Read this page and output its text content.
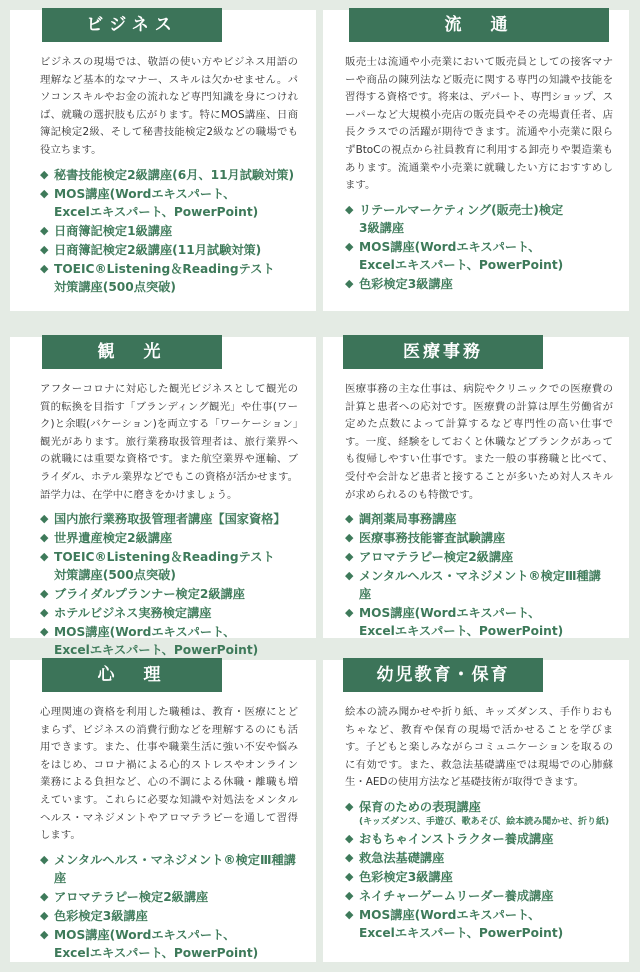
ビジネス

ビジネスの現場では、敬語の使い方やビジネス用語の理解など基本的なマナー、スキルは欠かせません。パソコンスキルやお金の流れなど専門知識を身につければ、就職の選択肢も広がります。特にMOS講座、日商簿記検定2級、そして秘書技能検定2級などの職場でも役立ちます。

◆ 秘書技能検定2級講座(6月、11月試験対策)
◆ MOS講座(Wordエキスパート、
Excelエキスパート、PowerPoint)
◆ 日商簿記検定1級講座
◆ 日商簿記検定2級講座(11月試験対策)
◆ TOEIC®Listening＆Readingテスト
対策講座(500点突破)
流　通

販売士は流通や小売業において販売員としての接客マナーや商品の陳列法など販売に関する専門の知識や技能を習得する資格です。将来は、デパート、専門ショップ、スーパーなど大規模小売店の販売員やその売場責任者、店長クラスでの活躍が期待できます。流通や小売業に限らずBtoCの視点から社員教育に利用する卸売りや製造業もあります。流通業や小売業に就職したい方におすすめします。

◆ リテールマーケティング(販売士)検定
3級講座
◆ MOS講座(Wordエキスパート、
Excelエキスパート、PowerPoint)
◆ 色彩検定3級講座
観　光

アフターコロナに対応した観光ビジネスとして観光の質的転換を目指す「ブランディング観光」や仕事(ワーク)と余暇(バケーション)を両立する「ワーケーション」観光があります。旅行業務取扱管理者は、旅行業界への就職には重要な資格です。また航空業界や運輸、ブライダル、ホテル業界などでもこの資格が活かせます。語学力は、在学中に磨きをかけましょう。

◆ 国内旅行業務取扱管理者講座【国家資格】
◆ 世界遺産検定2級講座
◆ TOEIC®Listening＆Readingテスト
対策講座(500点突破)
◆ ブライダルプランナー検定2級講座
◆ ホテルビジネス実務検定講座
◆ MOS講座(Wordエキスパート、
Excelエキスパート、PowerPoint)
医療事務

医療事務の主な仕事は、病院やクリニックでの医療費の計算と患者への応対です。医療費の計算は厚生労働省が定めた点数によって計算するなど専門性の高い仕事です。一度、経験をしておくと休職などブランクがあっても復帰しやすい仕事です。また一般の事務職と比べて、受付や会計など患者と接することが多いため対人スキルが求められるのも特徴です。

◆ 調剤薬局事務講座
◆ 医療事務技能審査試験講座
◆ アロマテラピー検定2級講座
◆ メンタルヘルス・マネジメント®検定Ⅲ種講座
◆ MOS講座(Wordエキスパート、
Excelエキスパート、PowerPoint)
心　理

心理関連の資格を利用した職種は、教育・医療にとどまらず、ビジネスの消費行動などを理解するのにも活用できます。また、仕事や職業生活に強い不安や悩みをはじめ、コロナ禍による心的ストレスやオンライン業務による負担など、心の不調による休職・離職も増えています。これらに必要な知識や対処法をメンタルヘルス・マネジメントやアロマテラピーを通して習得します。

◆ メンタルヘルス・マネジメント®検定Ⅲ種講座
◆ アロマテラピー検定2級講座
◆ 色彩検定3級講座
◆ MOS講座(Wordエキスパート、
Excelエキスパート、PowerPoint)
幼児教育・保育

絵本の読み聞かせや折り紙、キッズダンス、手作りおもちゃなど、教育や保育の現場で活かせることを学びます。子どもと楽しみながらコミュニケーションを取るのに有効です。また、救急法基礎講座では現場での心肺蘇生・AEDの使用方法など基礎技術が取得できます。

◆ 保育のための表現講座
(キッズダンス、手遊び、歌あそび、絵本読み聞かせ、折り紙)
◆ おもちゃインストラクター養成講座
◆ 救急法基礎講座
◆ 色彩検定3級講座
◆ ネイチャーゲームリーダー養成講座
◆ MOS講座(Wordエキスパート、
Excelエキスパート、PowerPoint)
